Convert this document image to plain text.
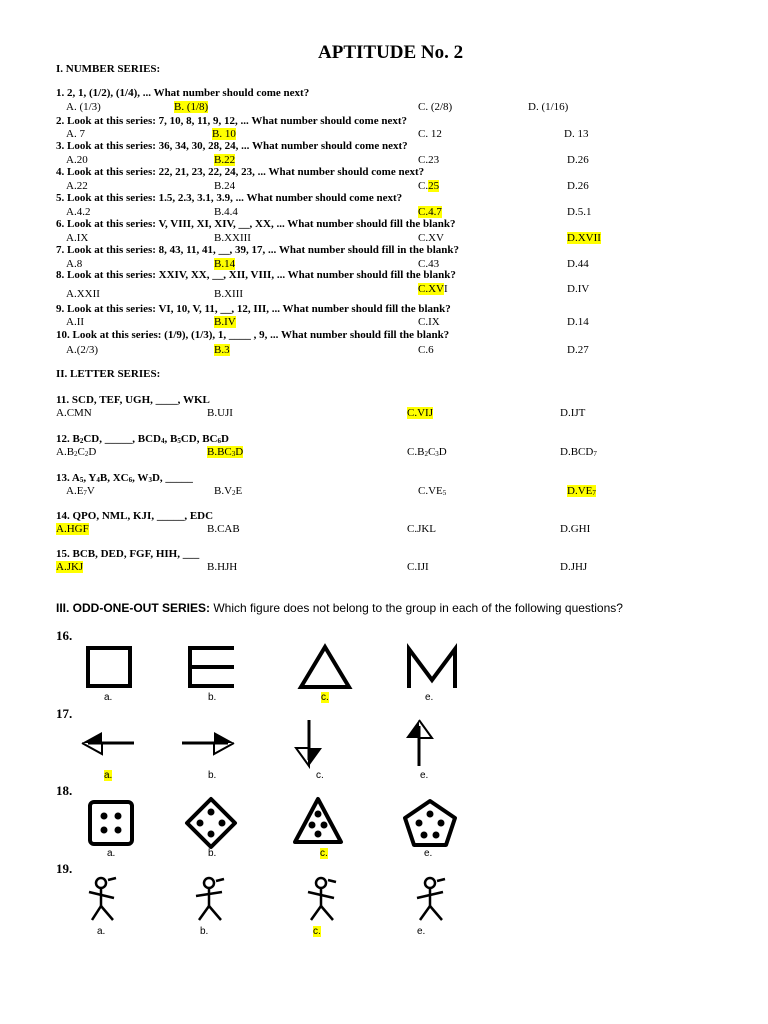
APTITUDE No. 2
I. NUMBER SERIES:
1. 2, 1, (1/2), (1/4), ... What number should come next?
A. (1/3)	B. (1/8)	C. (2/8)	D. (1/16)
2. Look at this series: 7, 10, 8, 11, 9, 12, ... What number should come next?
A. 7	B. 10	C. 12	D. 13
3. Look at this series: 36, 34, 30, 28, 24, ... What number should come next?
A.20	B.22	C.23	D.26
4. Look at this series: 22, 21, 23, 22, 24, 23, ... What number should come next?
A.22	B.24	C.25	D.26
5. Look at this series: 1.5, 2.3, 3.1, 3.9, ... What number should come next?
A.4.2	B.4.4	C.4.7	D.5.1
6. Look at this series: V, VIII, XI, XIV, __, XX, ... What number should fill the blank?
A.IX	B.XXIII	C.XV	D.XVII
7. Look at this series: 8, 43, 11, 41, __, 39, 17, ... What number should fill in the blank?
A.8	B.14	C.43	D.44
8. Look at this series: XXIV, XX, __, XII, VIII, ... What number should fill the blank?
A.XXII	B.XIII	C.XVI	D.IV
9. Look at this series: VI, 10, V, 11, __, 12, III, ... What number should fill the blank?
A.II	B.IV	C.IX	D.14
10. Look at this series: (1/9), (1/3), 1, ____ , 9, ... What number should fill the blank?
A.(2/3)	B.3	C.6	D.27
II. LETTER SERIES:
11. SCD, TEF, UGH, ____, WKL
A.CMN	B.UJI	C.VIJ	D.IJT
12. $B_2CD$, _____, $BCD_4$, $B_5CD$, $BC_6D$
$A.B_2C_2D$	$B.BC_3D$	$C.B_2C_3D$	$D.BCD_7$
13. $A_5$, $Y_4B$, $XC_6$, $W_3D$, _____
$A.E_7V$	$B.V_2E$	$C.VE_5$	$D.VE_7$
14. QPO, NML, KJI, _____, EDC
A.HGF	B.CAB	C.JKL	D.GHI
15. BCB, DED, FGF, HIH, ___
A.JKJ	B.HJH	C.IJI	D.JHJ
III. ODD-ONE-OUT SERIES: Which figure does not belong to the group in each of the following questions?
16.
a.	b.	c.	e.
17.
a.	b.	c.	e.
18.
a.	b.	c.	e.
19.
a.	b.	c.	e.
